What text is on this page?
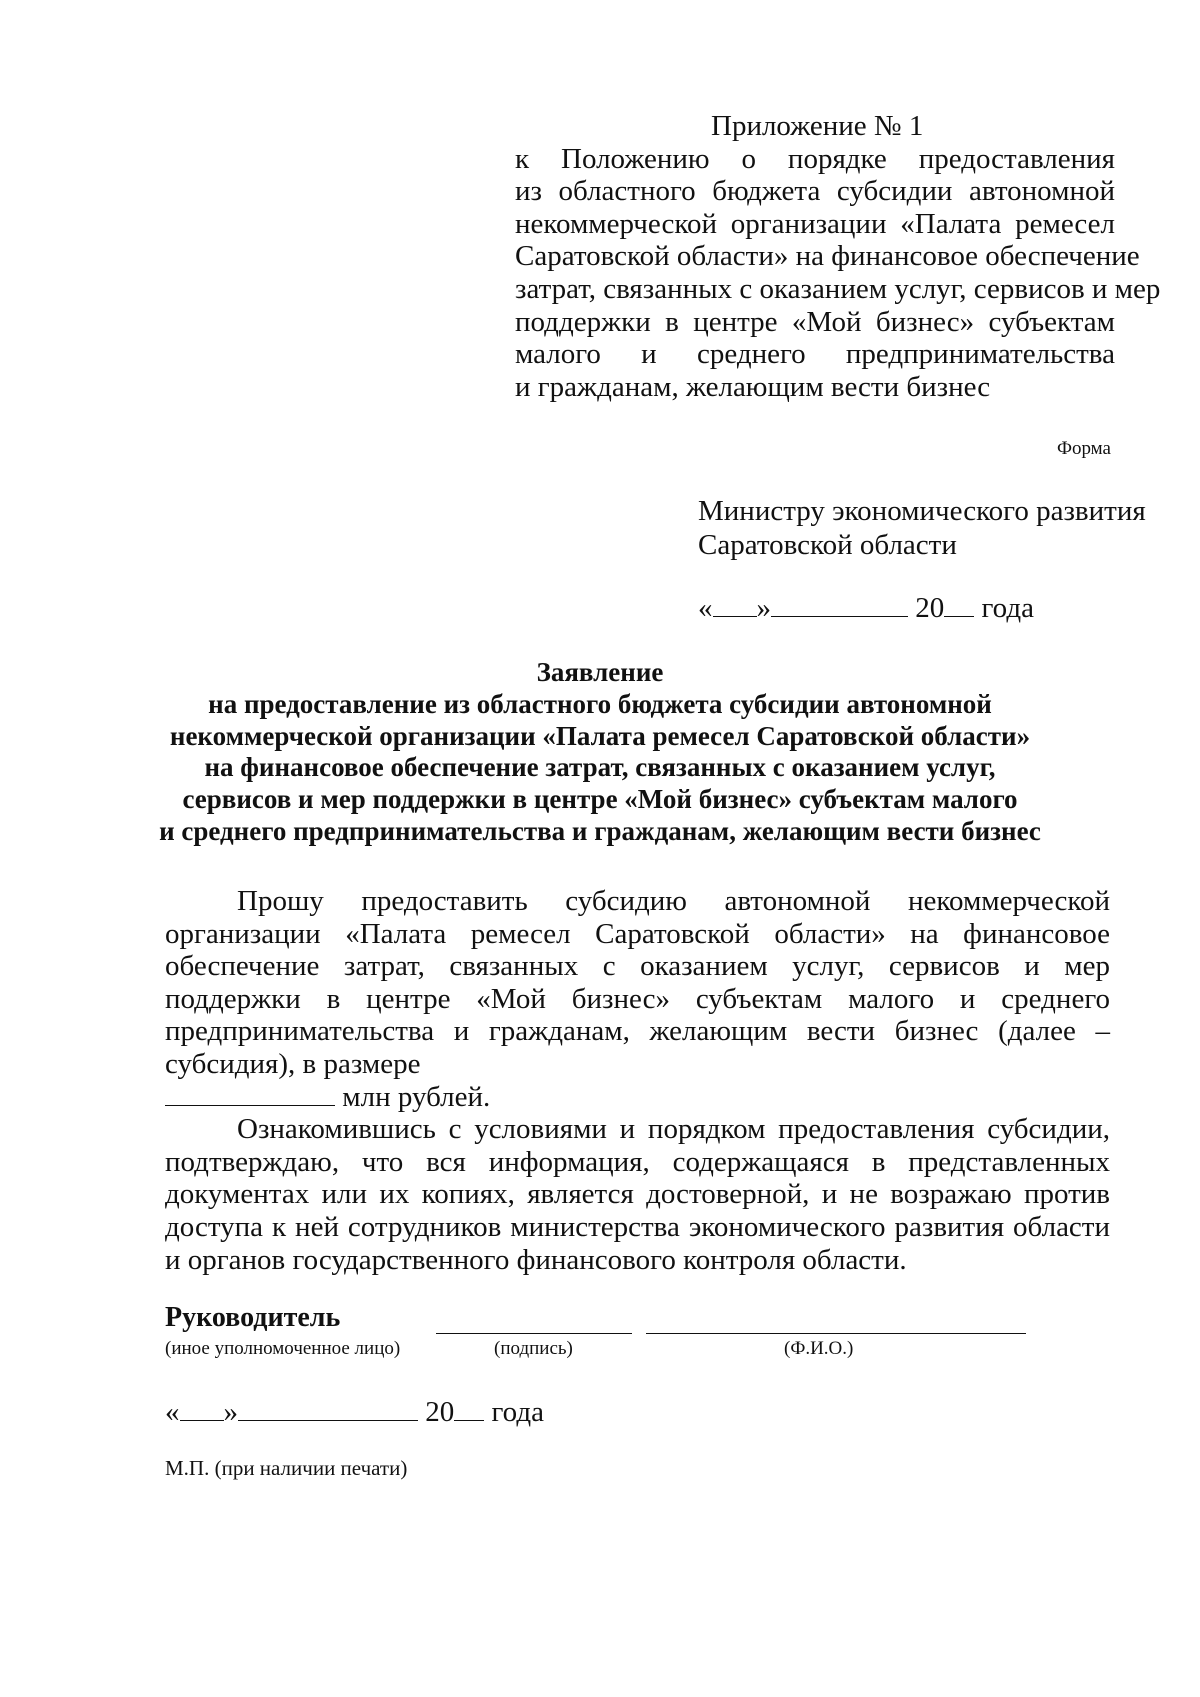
Приложение № 1
к Положению о порядке предоставления
из областного бюджета субсидии автономной
некоммерческой организации «Палата ремесел
Саратовской области» на финансовое обеспечение
затрат, связанных с оказанием услуг, сервисов и мер
поддержки в центре «Мой бизнес» субъектам
малого и среднего предпринимательства
и гражданам, желающим вести бизнес
Форма
Министру экономического развития
Саратовской области
« »	20 года
Заявление
на предоставление из областного бюджета субсидии автономной
некоммерческой организации «Палата ремесел Саратовской области»
на финансовое обеспечение затрат, связанных с оказанием услуг,
сервисов и мер поддержки в центре «Мой бизнес» субъектам малого
и среднего предпринимательства и гражданам, желающим вести бизнес

Прошу предоставить субсидию автономной некоммерческой организации «Палата ремесел Саратовской области» на финансовое обеспечение затрат, связанных с оказанием услуг, сервисов и мер поддержки в центре «Мой бизнес» субъектам малого и среднего предпринимательства и гражданам, желающим вести бизнес (далее – субсидия), в размере
млн рублей.

Ознакомившись с условиями и порядком предоставления субсидии, подтверждаю, что вся информация, содержащаяся в представленных документах или их копиях, является достоверной, и не возражаю против доступа к ней сотрудников министерства экономического развития области и органов государственного финансового контроля области.

Руководитель
(иное уполномоченное лицо)	(подпись)	(Ф.И.О.)
« »	20 года
М.П. (при наличии печати)
